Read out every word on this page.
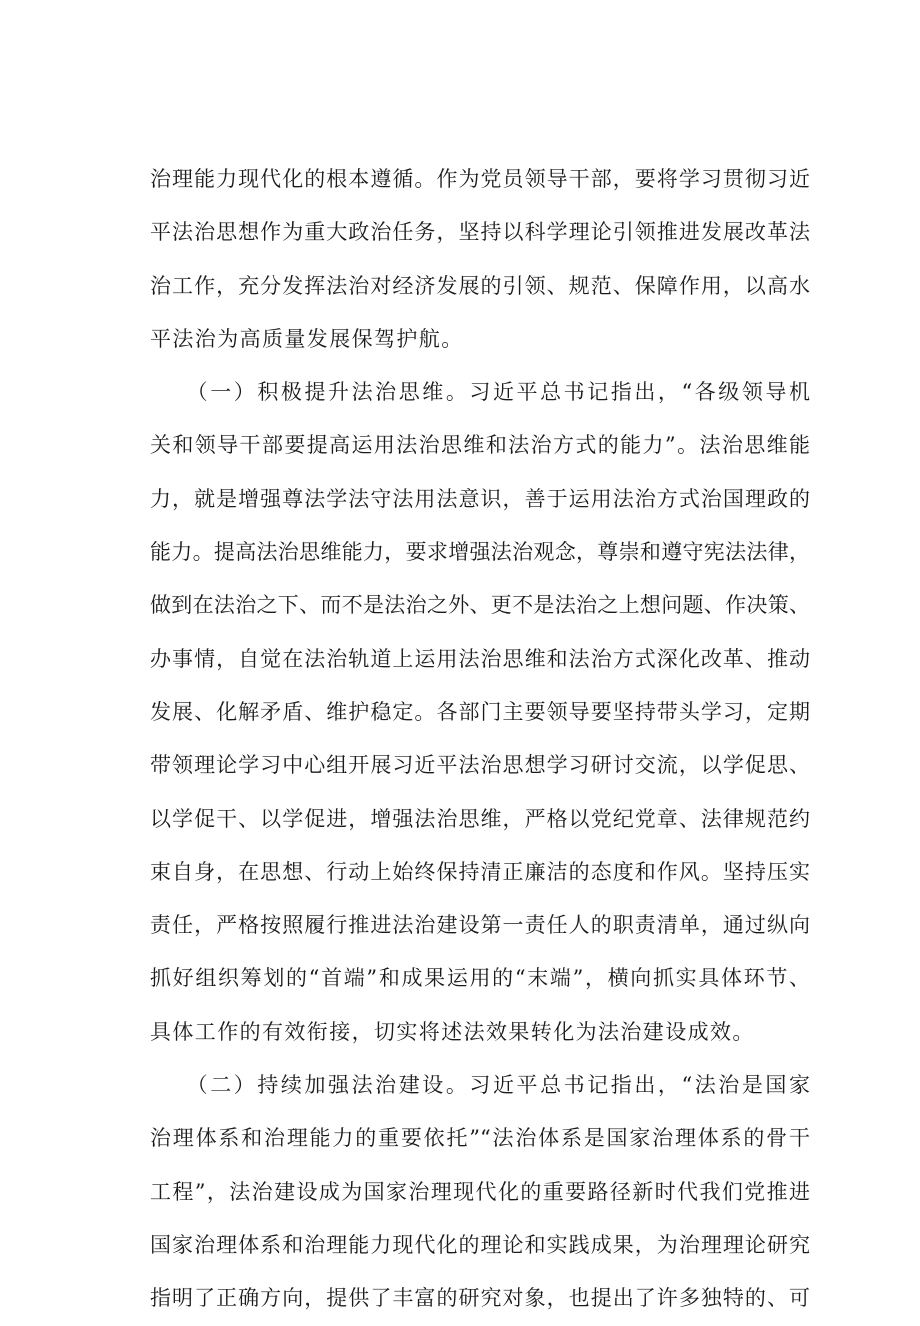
治理能力现代化的根本遵循。作为党员领导干部，要将学习贯彻习近
平法治思想作为重大政治任务，坚持以科学理论引领推进发展改革法
治工作，充分发挥法治对经济发展的引领、规范、保障作用，以高水
平法治为高质量发展保驾护航。
　　（一）积极提升法治思维。习近平总书记指出，“各级领导机
关和领导干部要提高运用法治思维和法治方式的能力”。法治思维能
力，就是增强尊法学法守法用法意识，善于运用法治方式治国理政的
能力。提高法治思维能力，要求增强法治观念，尊崇和遵守宪法法律，
做到在法治之下、而不是法治之外、更不是法治之上想问题、作决策、
办事情，自觉在法治轨道上运用法治思维和法治方式深化改革、推动
发展、化解矛盾、维护稳定。各部门主要领导要坚持带头学习，定期
带领理论学习中心组开展习近平法治思想学习研讨交流，以学促思、
以学促干、以学促进，增强法治思维，严格以党纪党章、法律规范约
束自身，在思想、行动上始终保持清正廉洁的态度和作风。坚持压实
责任，严格按照履行推进法治建设第一责任人的职责清单，通过纵向
抓好组织筹划的“首端”和成果运用的“末端”，横向抓实具体环节、
具体工作的有效衔接，切实将述法效果转化为法治建设成效。
　　（二）持续加强法治建设。习近平总书记指出，“法治是国家
治理体系和治理能力的重要依托”“法治体系是国家治理体系的骨干
工程”，法治建设成为国家治理现代化的重要路径新时代我们党推进
国家治理体系和治理能力现代化的理论和实践成果，为治理理论研究
指明了正确方向，提供了丰富的研究对象，也提出了许多独特的、可
